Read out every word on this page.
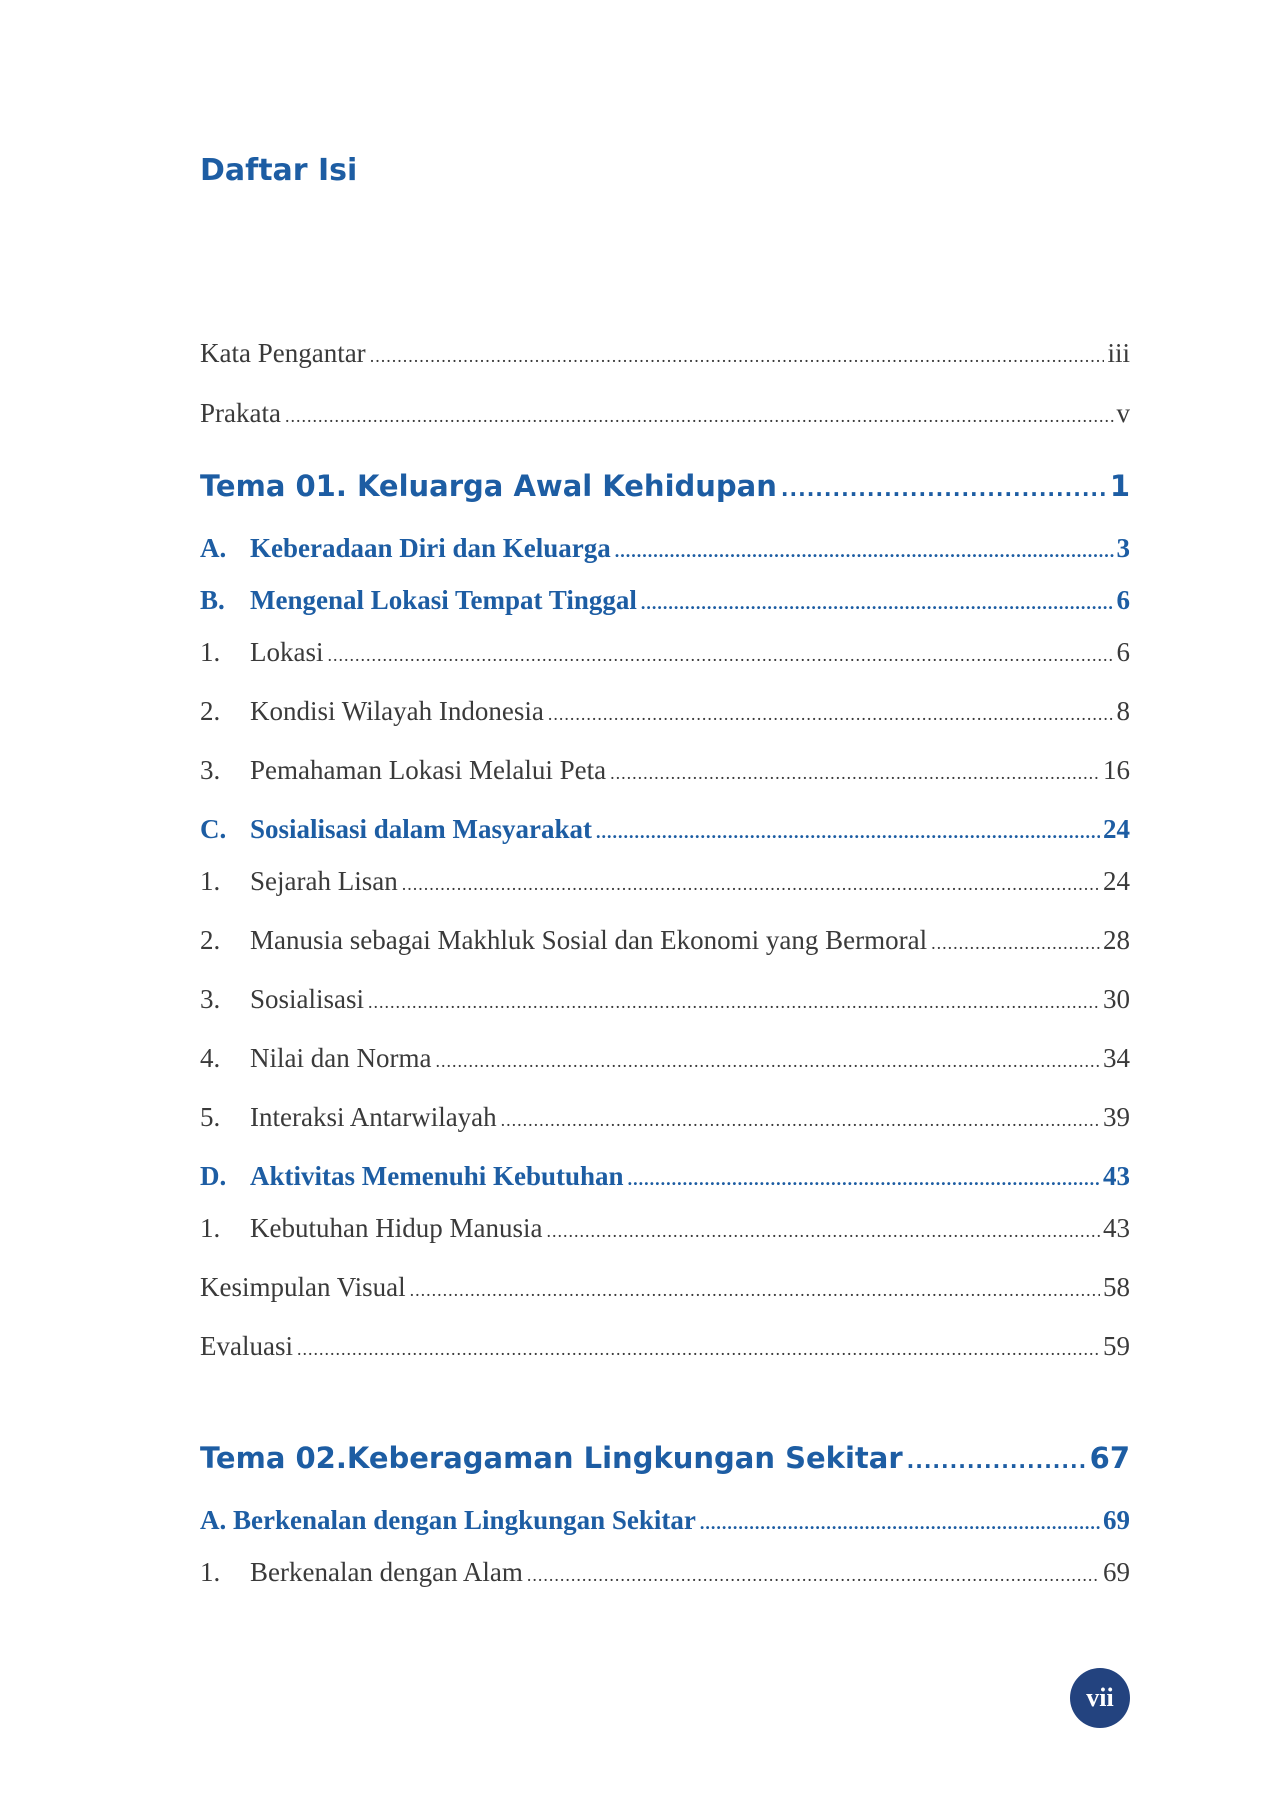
Daftar Isi
Kata Pengantar .....	iii
Prakata .....	v
Tema 01. Keluarga Awal Kehidupan .....	1
A. Keberadaan Diri dan Keluarga .....	3
B. Mengenal Lokasi Tempat Tinggal .....	6
1.	Lokasi .....	6
2.	Kondisi Wilayah Indonesia .....	8
3.	Pemahaman Lokasi Melalui Peta .....	16
C. Sosialisasi dalam Masyarakat .....	24
1.	Sejarah Lisan .....	24
2.	Manusia sebagai Makhluk Sosial dan Ekonomi yang Bermoral .....	28
3.	Sosialisasi .....	30
4.	Nilai dan Norma .....	34
5.	Interaksi Antarwilayah .....	39
D. Aktivitas Memenuhi Kebutuhan .....	43
1.	Kebutuhan Hidup Manusia .....	43
Kesimpulan Visual .....	58
Evaluasi .....	59
Tema 02.Keberagaman Lingkungan Sekitar .....	67
A. Berkenalan dengan Lingkungan Sekitar .....	69
1.	Berkenalan dengan Alam .....	69
vii
